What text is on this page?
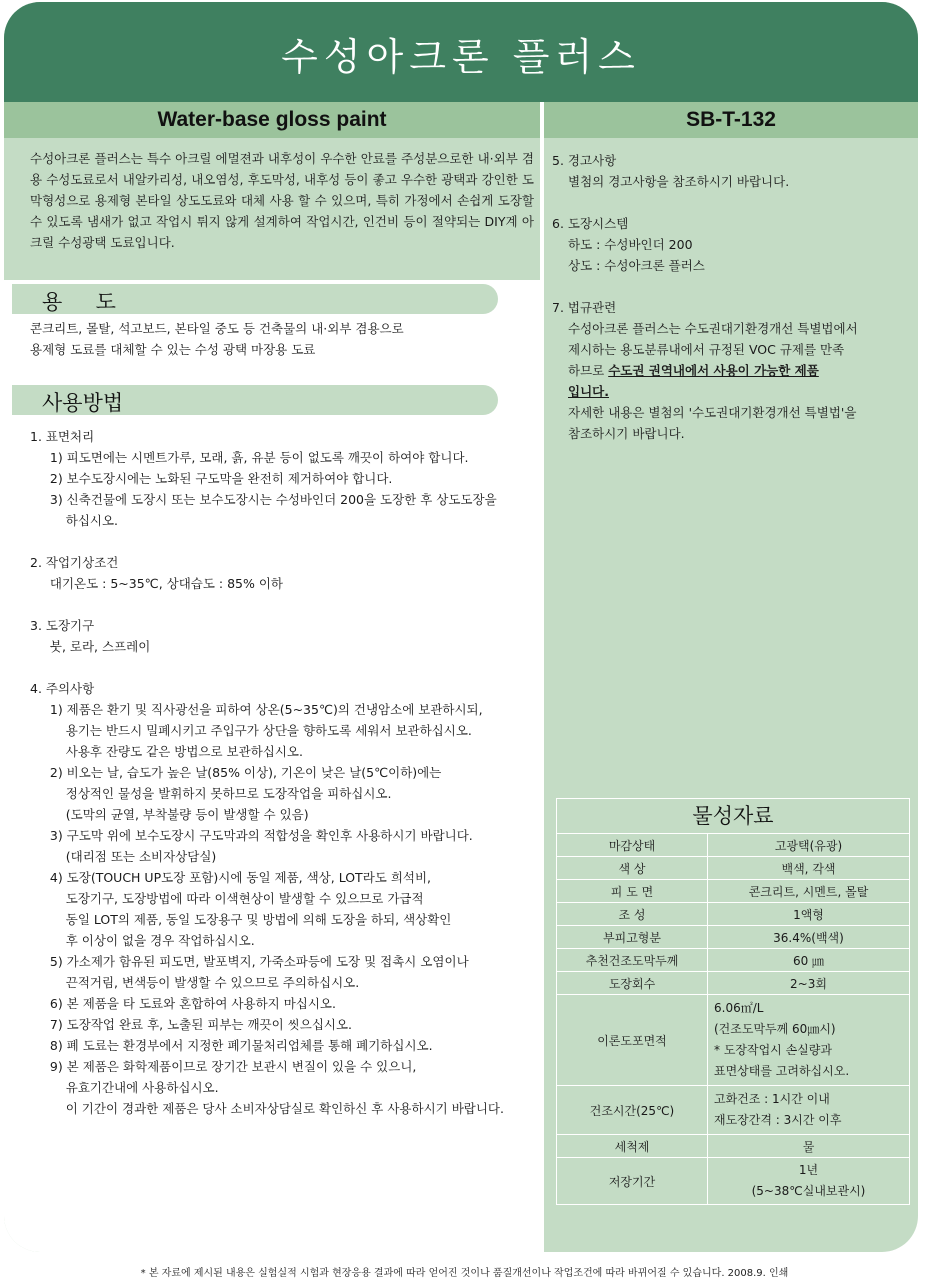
수성아크론 플러스
Water-base gloss paint	SB-T-132
수성아크론 플러스는 특수 아크릴 에멀젼과 내후성이 우수한 안료를 주성분으로한 내·외부 겸용 수성도료로서 내알카리성, 내오염성, 후도막성, 내후성 등이 좋고 우수한 광택과 강인한 도막형성으로 용제형 본타일 상도도료와 대체 사용 할 수 있으며, 특히 가정에서 손쉽게 도장할 수 있도록 냄새가 없고 작업시 튀지 않게 설계하여 작업시간, 인건비 등이 절약되는 DIY계 아크릴 수성광택 도료입니다.
용     도
콘크리트, 몰탈, 석고보드, 본타일 중도 등 건축물의 내·외부 겸용으로
용제형 도료를 대체할 수 있는 수성 광택 마장용 도료
사용방법
1. 표면처리
1) 피도면에는 시멘트가루, 모래, 흙, 유분 등이 없도록 깨끗이 하여야 합니다.
2) 보수도장시에는 노화된 구도막을 완전히 제거하여야 합니다.
3) 신축건물에 도장시 또는 보수도장시는 수성바인더 200을 도장한 후 상도도장을
하십시오.
2. 작업기상조건
대기온도 : 5~35℃, 상대습도 : 85% 이하
3. 도장기구
붓, 로라, 스프레이
4. 주의사항
1) 제품은 환기 및 직사광선을 피하여 상온(5~35℃)의 건냉암소에 보관하시되,
용기는 반드시 밀폐시키고 주입구가 상단을 향하도록 세워서 보관하십시오.
사용후 잔량도 같은 방법으로 보관하십시오.
2) 비오는 날, 습도가 높은 날(85% 이상), 기온이 낮은 날(5℃이하)에는
정상적인 물성을 발휘하지 못하므로 도장작업을 피하십시오.
(도막의 균열, 부착불량 등이 발생할 수 있음)
3) 구도막 위에 보수도장시 구도막과의 적합성을 확인후 사용하시기 바랍니다.
(대리점 또는 소비자상담실)
4) 도장(TOUCH UP도장 포함)시에 동일 제품, 색상, LOT라도 희석비,
도장기구, 도장방법에 따라 이색현상이 발생할 수 있으므로 가급적
동일 LOT의 제품, 동일 도장용구 및 방법에 의해 도장을 하되, 색상확인
후 이상이 없을 경우 작업하십시오.
5) 가소제가 함유된 피도면, 발포벽지, 가죽소파등에 도장 및 접촉시 오염이나
끈적거림, 변색등이 발생할 수 있으므로 주의하십시오.
6) 본 제품을 타 도료와 혼합하여 사용하지 마십시오.
7) 도장작업 완료 후, 노출된 피부는 깨끗이 씻으십시오.
8) 폐 도료는 환경부에서 지정한 폐기물처리업체를 통해 폐기하십시오.
9) 본 제품은 화학제품이므로 장기간 보관시 변질이 있을 수 있으니,
유효기간내에 사용하십시오.
이 기간이 경과한 제품은 당사 소비자상담실로 확인하신 후 사용하시기 바랍니다.
5. 경고사항
별첨의 경고사항을 참조하시기 바랍니다.
6. 도장시스템
하도 : 수성바인더 200
상도 : 수성아크론 플러스
7. 법규관련
수성아크론 플러스는 수도권대기환경개선 특별법에서
제시하는 용도분류내에서 규정된 VOC 규제를 만족
하므로 수도권 권역내에서 사용이 가능한 제품
입니다.
자세한 내용은 별첨의 '수도권대기환경개선 특별법'을
참조하시기 바랍니다.
물성자료
마감상태	고광택(유광)
색 상	백색, 각색
피 도 면	콘크리트, 시멘트, 몰탈
조 성	1액형
부피고형분	36.4%(백색)
추천건조도막두께	60 ㎛
도장회수	2~3회
이론도포면적	6.06㎡/L
(건조도막두께 60㎛시)
* 도장작업시 손실량과
표면상태를 고려하십시오.

건조시간(25℃)	고화건조 : 1시간 이내
재도장간격 : 3시간 이후

세척제	물
저장기간	1년
(5~38℃실내보관시)
* 본 자료에 제시된 내용은 실험실적 시험과 현장응용 결과에 따라 얻어진 것이나 품질개선이나 작업조건에 따라 바뀌어질 수 있습니다. 2008.9. 인쇄
